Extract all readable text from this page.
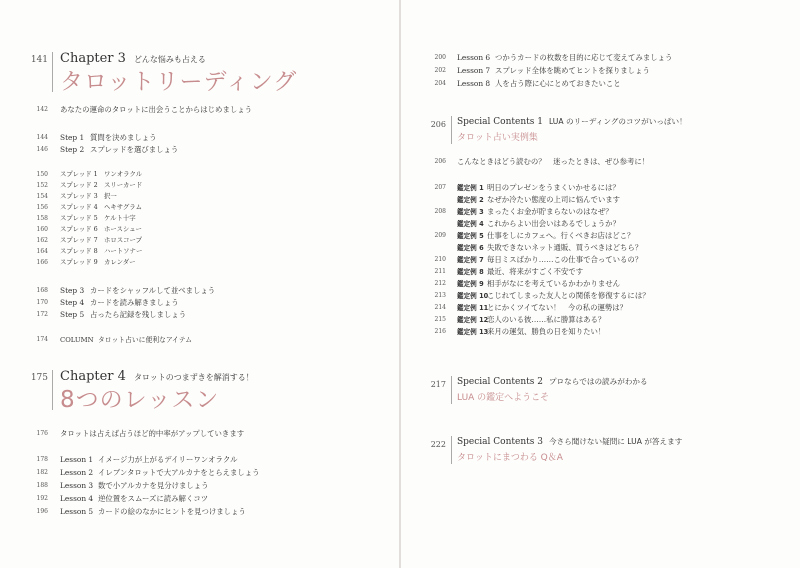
141 Chapter 3 どんな悩みも占える
タロットリーディング
142 あなたの運命のタロットに出会うことからはじめましょう
144 Step 1 質問を決めましょう
146 Step 2 スプレッドを選びましょう
150 スプレッド 1 ワンオラクル
152 スプレッド 2 スリーカード
154 スプレッド 3 択一
156 スプレッド 4 ヘキサグラム
158 スプレッド 5 ケルト十字
160 スプレッド 6 ホースシュー
162 スプレッド 7 ホロスコープ
164 スプレッド 8 ハートソナー
166 スプレッド 9 カレンダー
168 Step 3 カードをシャッフルして並べましょう
170 Step 4 カードを読み解きましょう
172 Step 5 占ったら記録を残しましょう
174 COLUMN タロット占いに便利なアイテム
175 Chapter 4 タロットのつまずきを解消する！
8つのレッスン
176 タロットは占えば占うほど的中率がアップしていきます
178 Lesson 1 イメージ力が上がるデイリーワンオラクル
182 Lesson 2 イレブンタロットで大アルカナをとらえましょう
188 Lesson 3 数で小アルカナを見分けましょう
192 Lesson 4 逆位置をスムーズに読み解くコツ
196 Lesson 5 カードの絵のなかにヒントを見つけましょう
200 Lesson 6 つかうカードの枚数を目的に応じて変えてみましょう
202 Lesson 7 スプレッド全体を眺めてヒントを探りましょう
204 Lesson 8 人を占う際に心にとめておきたいこと
206 Special Contents 1 LUA のリーディングのコツがいっぱい！
タロット占い実例集
206 こんなときはどう読むの？　迷ったときは、ぜひ参考に！
207 鑑定例 1 明日のプレゼンをうまくいかせるには？
鑑定例 2 なぜか冷たい態度の上司に悩んでいます
208 鑑定例 3 まったくお金が貯まらないのはなぜ？
鑑定例 4 これからよい出会いはあるでしょうか？
209 鑑定例 5 仕事をしにカフェへ。行くべきお店はどこ？
鑑定例 6 失敗できないネット通販、買うべきはどちら？
210 鑑定例 7 毎日ミスばかり……この仕事で合っているの？
211 鑑定例 8 最近、将来がすごく不安です
212 鑑定例 9 相手がなにを考えているかわかりません
213 鑑定例 10こじれてしまった友人との関係を修復するには？
214 鑑定例 11とにかくツイてない！　今の私の運勢は？
215 鑑定例 12恋人のいる彼……私に勝算はある？
216 鑑定例 13来月の運気、勝負の日を知りたい！
217 Special Contents 2 プロならではの読みがわかる
LUA の鑑定へようこそ
222 Special Contents 3 今さら聞けない疑問に LUA が答えます
タロットにまつわる Q＆A
